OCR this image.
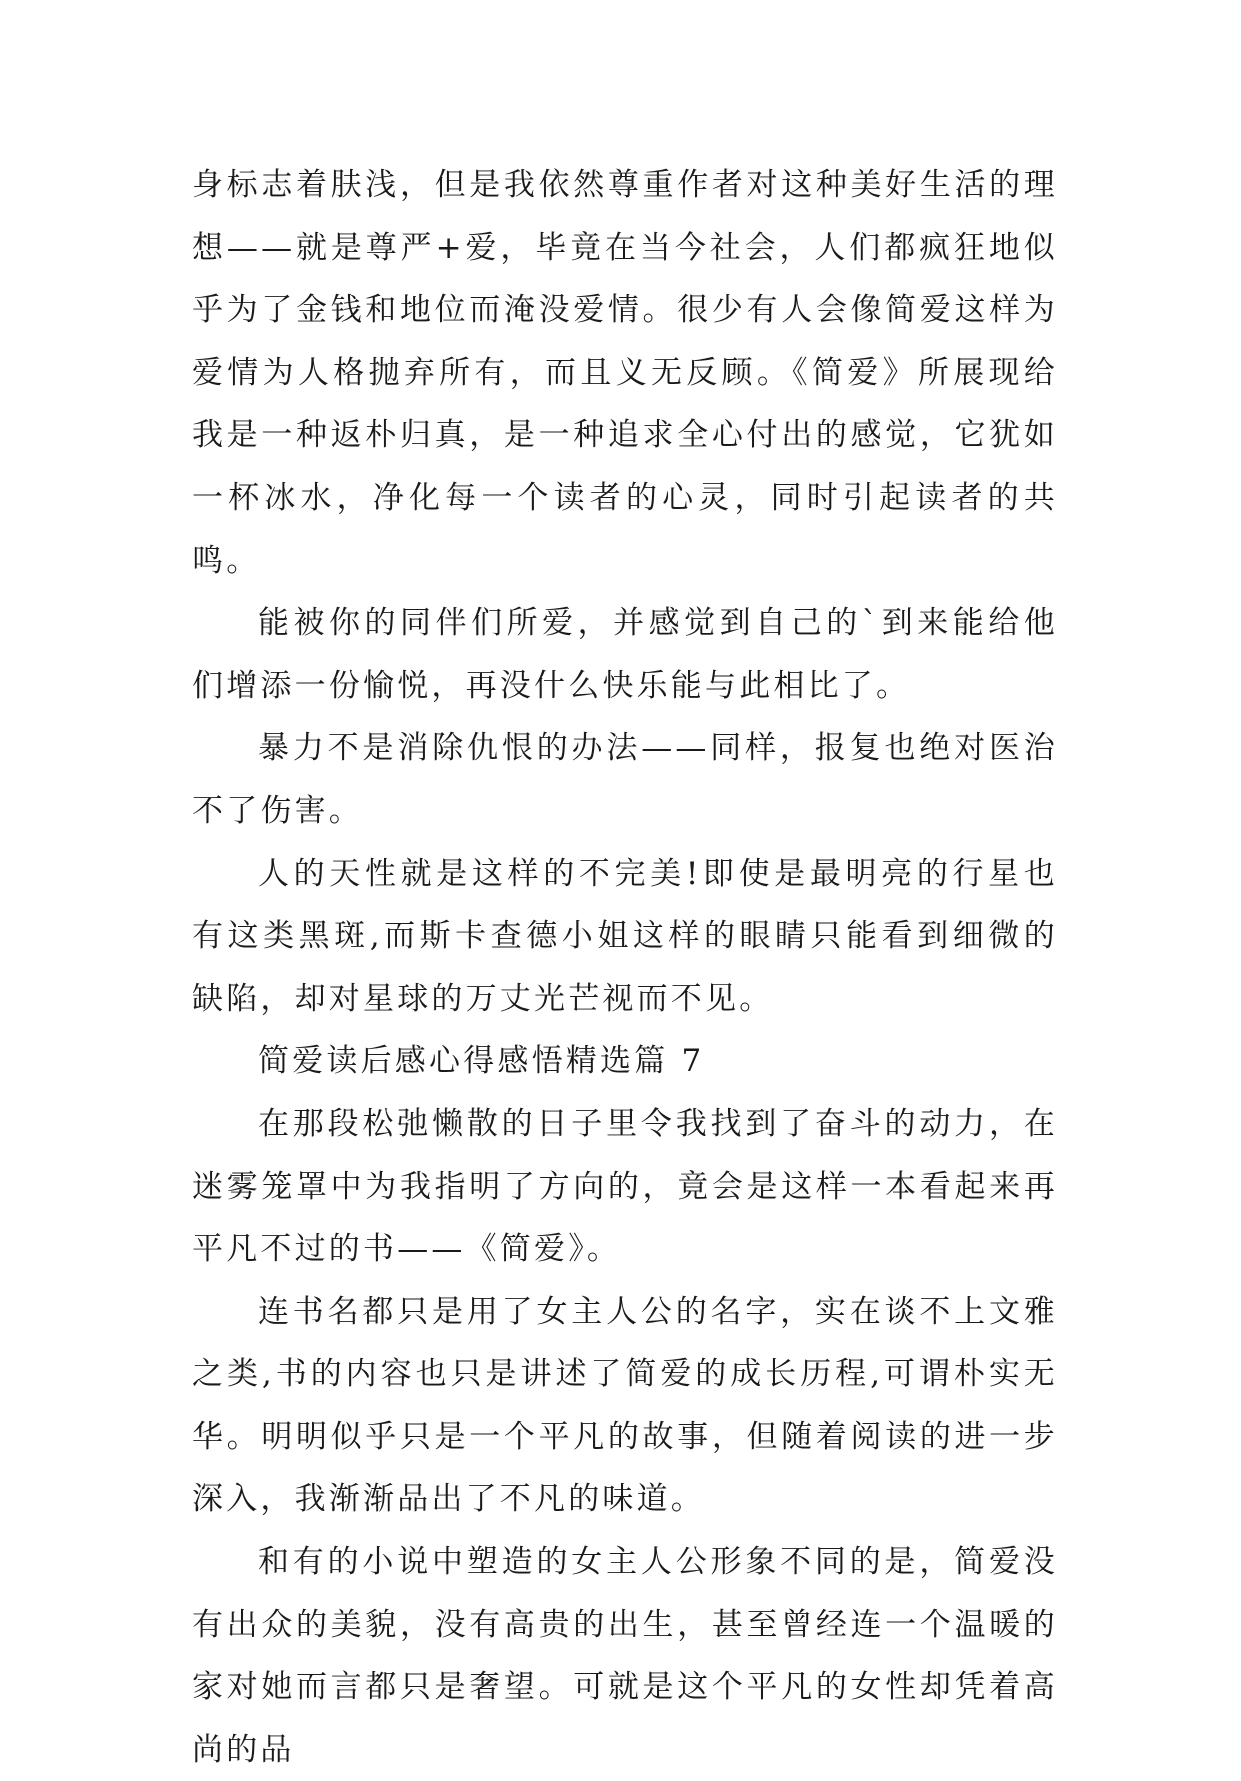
身标志着肤浅，但是我依然尊重作者对这种美好生活的理想——就是尊严+爱，毕竟在当今社会，人们都疯狂地似乎为了金钱和地位而淹没爱情。很少有人会像简爱这样为爱情为人格抛弃所有，而且义无反顾。《简爱》所展现给我是一种返朴归真，是一种追求全心付出的感觉，它犹如一杯冰水，净化每一个读者的心灵，同时引起读者的共鸣。

能被你的同伴们所爱，并感觉到自己的`到来能给他们增添一份愉悦，再没什么快乐能与此相比了。

暴力不是消除仇恨的办法——同样，报复也绝对医治不了伤害。

人的天性就是这样的不完美!即使是最明亮的行星也有这类黑斑,而斯卡查德小姐这样的眼睛只能看到细微的缺陷，却对星球的万丈光芒视而不见。

简爱读后感心得感悟精选篇 7

在那段松弛懒散的日子里令我找到了奋斗的动力，在迷雾笼罩中为我指明了方向的，竟会是这样一本看起来再平凡不过的书——《简爱》。

连书名都只是用了女主人公的名字，实在谈不上文雅之类,书的内容也只是讲述了简爱的成长历程,可谓朴实无华。明明似乎只是一个平凡的故事，但随着阅读的进一步深入，我渐渐品出了不凡的味道。

和有的小说中塑造的女主人公形象不同的是，简爱没有出众的美貌，没有高贵的出生，甚至曾经连一个温暖的家对她而言都只是奢望。可就是这个平凡的女性却凭着高尚的品
